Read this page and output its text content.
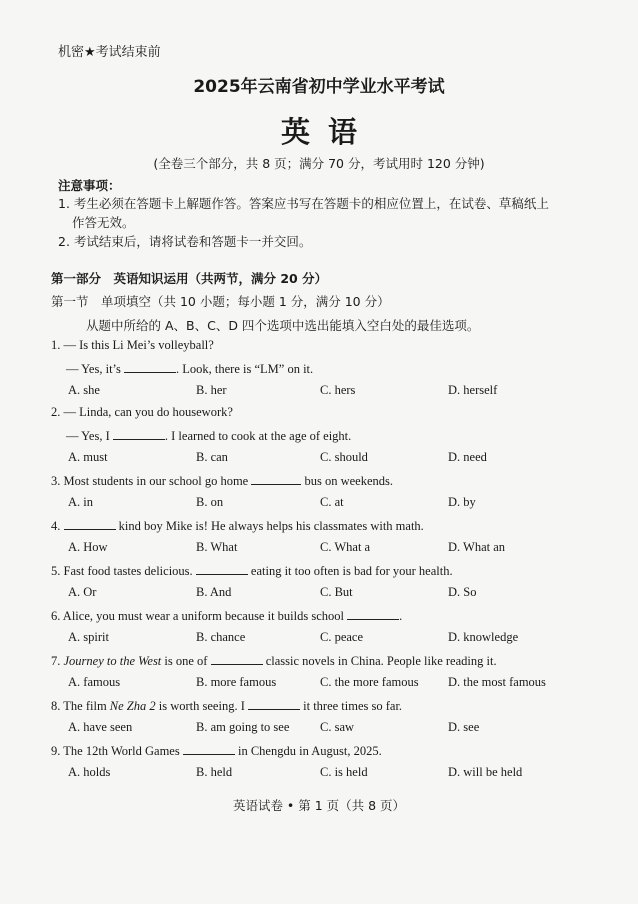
机密★考试结束前
2025年云南省初中学业水平考试
英语
(全卷三个部分，共 8 页；满分 70 分，考试用时 120 分钟)
注意事项：
1. 考生必须在答题卡上解题作答。答案应书写在答题卡的相应位置上，在试卷、草稿纸上
作答无效。
2. 考试结束后，请将试卷和答题卡一并交回。
第一部分　英语知识运用（共两节，满分 20 分）
第一节　单项填空（共 10 小题；每小题 1 分，满分 10 分）
从题中所给的 A、B、C、D 四个选项中选出能填入空白处的最佳选项。
1. — Is this Li Mei’s volleyball?
— Yes, it’s	. Look, there is “LM” on it.
A. she	B. her	C. hers	D. herself
2. — Linda, can you do housework?
— Yes, I	. I learned to cook at the age of eight.
A. must	B. can	C. should	D. need
3. Most students in our school go home	bus on weekends.
A. in	B. on	C. at	D. by
4.	kind boy Mike is! He always helps his classmates with math.
A. How	B. What	C. What a	D. What an
5. Fast food tastes delicious.	eating it too often is bad for your health.
A. Or	B. And	C. But	D. So
6. Alice, you must wear a uniform because it builds school	.
A. spirit	B. chance	C. peace	D. knowledge
7. Journey to the West is one of	classic novels in China. People like reading it.
A. famous	B. more famous	C. the more famous D. the most famous
8. The film Ne Zha 2 is worth seeing. I	it three times so far.
A. have seen	B. am going to see C. saw	D. see
9. The 12th World Games	in Chengdu in August, 2025.
A. holds	B. held	C. is held	D. will be held
英语试卷 • 第 1 页（共 8 页）
